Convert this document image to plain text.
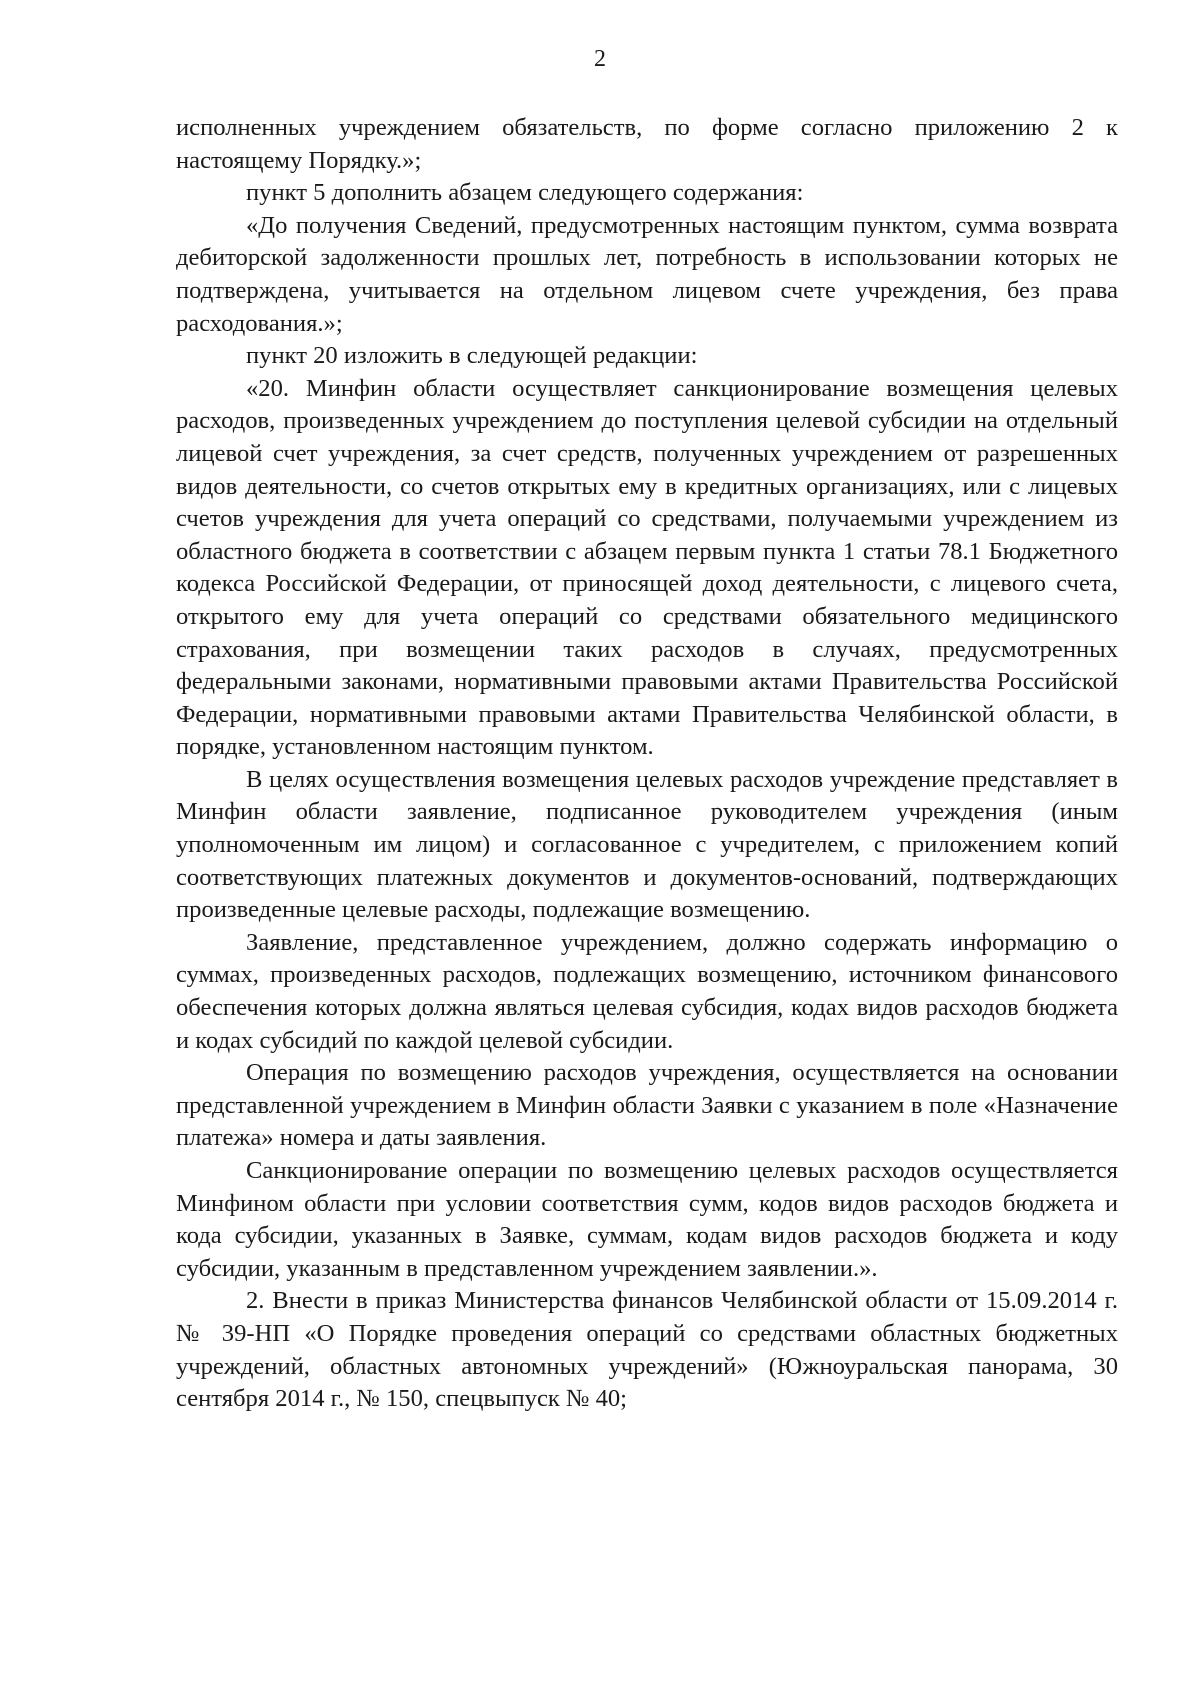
2

исполненных учреждением обязательств, по форме согласно приложению 2 к настоящему Порядку.»;

пункт 5 дополнить абзацем следующего содержания:

«До получения Сведений, предусмотренных настоящим пунктом, сумма возврата дебиторской задолженности прошлых лет, потребность в использовании которых не подтверждена, учитывается на отдельном лицевом счете учреждения, без права расходования.»;

пункт 20 изложить в следующей редакции:

«20. Минфин области осуществляет санкционирование возмещения целевых расходов, произведенных учреждением до поступления целевой субсидии на отдельный лицевой счет учреждения, за счет средств, полученных учреждением от разрешенных видов деятельности, со счетов открытых ему в кредитных организациях, или с лицевых счетов учреждения для учета операций со средствами, получаемыми учреждением из областного бюджета в соответствии с абзацем первым пункта 1 статьи 78.1 Бюджетного кодекса Российской Федерации, от приносящей доход деятельности, с лицевого счета, открытого ему для учета операций со средствами обязательного медицинского страхования, при возмещении таких расходов в случаях, предусмотренных федеральными законами, нормативными правовыми актами Правительства Российской Федерации, нормативными правовыми актами Правительства Челябинской области, в порядке, установленном настоящим пунктом.

В целях осуществления возмещения целевых расходов учреждение представляет в Минфин области заявление, подписанное руководителем учреждения (иным уполномоченным им лицом) и согласованное с учредителем, с приложением копий соответствующих платежных документов и документов-оснований, подтверждающих произведенные целевые расходы, подлежащие возмещению.

Заявление, представленное учреждением, должно содержать информацию о суммах, произведенных расходов, подлежащих возмещению, источником финансового обеспечения которых должна являться целевая субсидия, кодах видов расходов бюджета и кодах субсидий по каждой целевой субсидии.

Операция по возмещению расходов учреждения, осуществляется на основании представленной учреждением в Минфин области Заявки с указанием в поле «Назначение платежа» номера и даты заявления.

Санкционирование операции по возмещению целевых расходов осуществляется Минфином области при условии соответствия сумм, кодов видов расходов бюджета и кода субсидии, указанных в Заявке, суммам, кодам видов расходов бюджета и коду субсидии, указанным в представленном учреждением заявлении.».

2. Внести в приказ Министерства финансов Челябинской области от 15.09.2014 г. № 39-НП «О Порядке проведения операций со средствами областных бюджетных учреждений, областных автономных учреждений» (Южноуральская панорама, 30 сентября 2014 г., № 150, спецвыпуск № 40;
